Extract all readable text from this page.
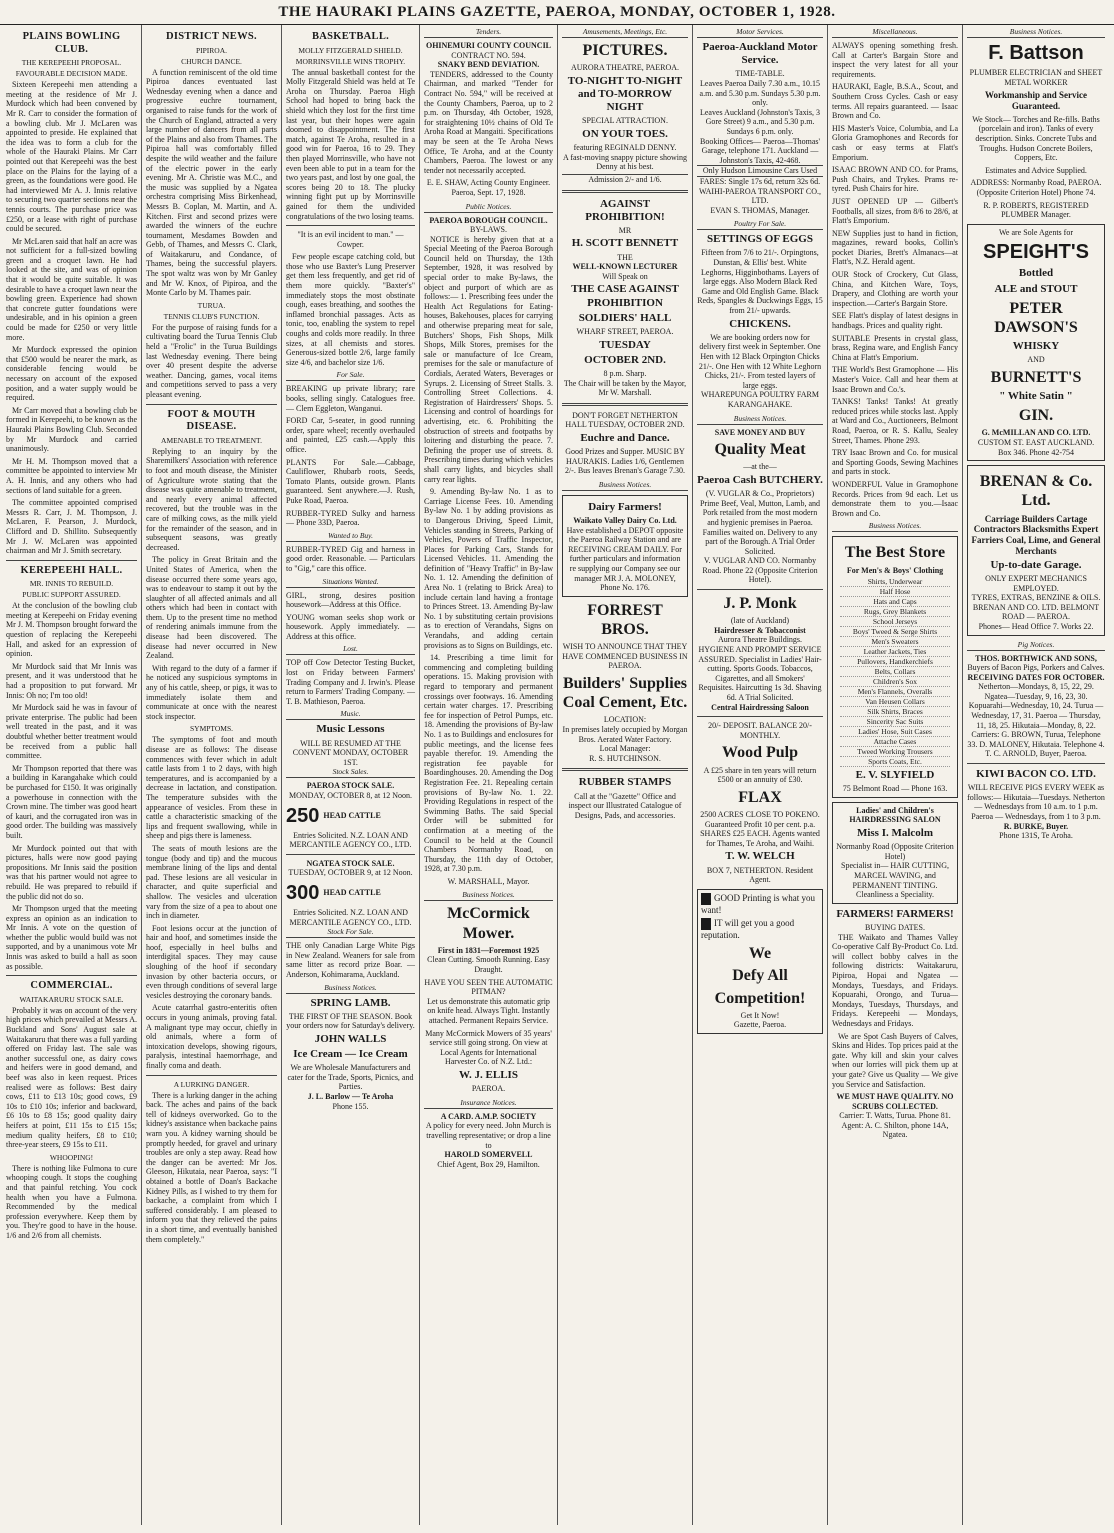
THE HAURAKI PLAINS GAZETTE, PAEROA, MONDAY, OCTOBER 1, 1928.
PLAINS BOWLING CLUB.
THE KEREPEEHI PROPOSAL.
FAVOURABLE DECISION MADE.

Sixteen Kerepeehi men attending a meeting at the residence of Mr J. Murdock which had been convened by Mr R. Carr to consider the formation of a bowling club. Mr J. McLaren was appointed to preside. He explained that the idea was to form a club for the whole of the Hauraki Plains. Mr Carr pointed out that Kerepeehi was the best place on the Plains for the laying of a green, as the foundations were good. He had interviewed Mr A. J. Innis relative to securing two quarter sections near the tennis courts. The purchase price was £250, or a lease with right of purchase could be secured.

Mr McLaren said that half an acre was not sufficient for a full-sized bowling green and a croquet lawn. He had looked at the site, and was of opinion that it would be quite suitable. It was desirable to have a croquet lawn near the bowling green. Experience had shown that concrete gutter foundations were undesirable, and in his opinion a green could be made for £250 or very little more.

Mr Murdock expressed the opinion that £500 would be nearer the mark, as considerable fencing would be necessary on account of the exposed position, and a water supply would be required.

Mr Carr moved that a bowling club be formed in Kerepeehi, to be known as the Hauraki Plains Bowling Club. Seconded by Mr Murdock and carried unanimously.

Mr H. M. Thompson moved that a committee be appointed to interview Mr A. H. Innis, and any others who had sections of land suitable for a green.

The committee appointed comprised Messrs R. Carr, J. M. Thompson, J. McLaren, F. Pearson, J. Murdock, Clifford and D. Shillito. Subsequently Mr J. W. McLaren was appointed chairman and Mr J. Smith secretary.

KEREPEEHI HALL.
MR. INNIS TO REBUILD.
PUBLIC SUPPORT ASSURED.

At the conclusion of the bowling club meeting at Kerepeehi on Friday evening Mr J. M. Thompson brought forward the question of replacing the Kerepeehi Hall, and asked for an expression of opinion.

Mr Murdock said that Mr Innis was present, and it was understood that he had a proposition to put forward. Mr Innis: Oh no; I'm too old!

Mr Murdock said he was in favour of private enterprise. The public had been well treated in the past, and it was doubtful whether better treatment would be received from a public hall committee.

Mr Thompson reported that there was a building in Karangahake which could be purchased for £150. It was originally a powerhouse in connection with the Crown mine. The timber was good heart of kauri, and the corrugated iron was in good order. The building was massively built.

Mr Murdock pointed out that with pictures, halls were now good paying propositions. Mr Innis said the position was that his partner would not agree to rebuild. He was prepared to rebuild if the public did not do so.

Mr Thompson urged that the meeting express an opinion as an indication to Mr Innis. A vote on the question of whether the public would build was not supported, and by a unanimous vote Mr Innis was asked to build a hall as soon as possible.

COMMERCIAL.
WAITAKARURU STOCK SALE.

Probably it was on account of the very high prices which prevailed at Messrs A. Buckland and Sons' August sale at Waitakaruru that there was a full yarding offered on Friday last. The sale was another successful one, as dairy cows and heifers were in good demand, and beef was also in keen request. Prices realised were as follows: Best dairy cows, £11 to £13 10s; good cows, £9 10s to £10 10s; inferior and backward, £6 10s to £8 15s; good quality dairy heifers at point, £11 15s to £15 15s; medium quality heifers, £8 to £10; three-year steers, £9 15s to £11.

WHOOPING!

There is nothing like Fulmona to cure whooping cough. It stops the coughing and that painful retching. You cock health when you have a Fulmona. Recommended by the medical profession everywhere. Keep them by you. They're good to have in the house. 1/6 and 2/6 from all chemists.

DISTRICT NEWS.
PIPIROA.
CHURCH DANCE.

A function reminiscent of the old time Pipiroa dances eventuated last Wednesday evening when a dance and progressive euchre tournament, organised to raise funds for the work of the Church of England, attracted a very large number of dancers from all parts of the Plains and also from Thames. The Pipiroa hall was comfortably filled despite the wild weather and the failure of the electric power in the early evening. Mr A. Christie was M.C., and the music was supplied by a Ngatea orchestra comprising Miss Birkenhead, Messrs B. Coplan, M. Martin, and A. Kitchen. First and second prizes were awarded the winners of the euchre tournament, Mesdames Bowden and Gebb, of Thames, and Messrs C. Clark, of Waitakaruru, and Condance, of Thames, being the successful players. The spot waltz was won by Mr Ganley and Mr W. Knox, of Pipiroa, and the Monte Carlo by M. Thames pair.

TURUA.
TENNIS CLUB'S FUNCTION.

For the purpose of raising funds for a cultivating board the Turua Tennis Club held a "Frolic" in the Turua Buildings last Wednesday evening. There being over 40 present despite the adverse weather. Dancing, games, vocal items and competitions served to pass a very pleasant evening.

FOOT & MOUTH DISEASE.
AMENABLE TO TREATMENT.

Replying to an inquiry by the Sharemilkers' Association with reference to foot and mouth disease, the Minister of Agriculture wrote stating that the disease was quite amenable to treatment, and nearly every animal affected recovered, but the trouble was in the care of milking cows, as the milk yield for the remainder of the season, and in subsequent seasons, was greatly decreased.

The policy in Great Britain and the United States of America, when the disease occurred there some years ago, was to endeavour to stamp it out by the slaughter of all affected animals and all others which had been in contact with them. Up to the present time no method of rendering animals immune from the disease had been discovered. The disease had never occurred in New Zealand.

With regard to the duty of a farmer if he noticed any suspicious symptoms in any of his cattle, sheep, or pigs, it was to immediately isolate them and communicate at once with the nearest stock inspector.

SYMPTOMS.

The symptoms of foot and mouth disease are as follows: The disease commences with fever which in adult cattle lasts from 1 to 2 days, with high temperatures, and is accompanied by a decrease in lactation, and constipation. The temperature subsides with the appearance of vesicles. From these in cattle a characteristic smacking of the lips and frequent swallowing, while in sheep and pigs there is lameness.

The seats of mouth lesions are the tongue (body and tip) and the mucous membrane lining of the lips and dental pad. These lesions are all vesicular in character, and quite superficial and shallow. The vesicles and ulceration vary from the size of a pea to about one inch in diameter.

Foot lesions occur at the junction of hair and hoof, and sometimes inside the hoof, especially in heel bulbs and interdigital spaces. They may cause sloughing of the hoof if secondary invasion by other bacteria occurs, or even through conditions of several large vesicles destroying the coronary bands.

Acute catarrhal gastro-enteritis often occurs in young animals, proving fatal. A malignant type may occur, chiefly in old animals, where a form of intoxication develops, showing rigours, paralysis, intestinal haemorrhage, and finally coma and death.

A LURKING DANGER.

There is a lurking danger in the aching back. The aches and pains of the back tell of kidneys overworked. Go to the kidney's assistance when backache pains warn you. A kidney warning should be promptly heeded, for gravel and urinary troubles are only a step away. Read how the danger can be averted: Mr Jos. Gleeson, Hikutaia, near Paeroa, says: "I obtained a bottle of Doan's Backache Kidney Pills, as I wished to try them for backache, a complaint from which I suffered considerably. I am pleased to inform you that they relieved the pains in a short time, and eventually banished them completely."

BASKETBALL.
MOLLY FITZGERALD SHIELD.
MORRINSVILLE WINS TROPHY.

The annual basketball contest for the Molly Fitzgerald Shield was held at Te Aroha on Thursday. Paeroa High School had hoped to bring back the shield which they lost for the first time last year, but their hopes were again doomed to disappointment. The first match, against Te Aroha, resulted in a good win for Paeroa, 16 to 29. They then played Morrinsville, who have not even been able to put in a team for the two years past, and lost by one goal, the scores being 20 to 18. The plucky winning fight put up by Morrinsville gained for them the undivided congratulations of the two losing teams.

"It is an evil incident to man." —Cowper.

Few people escape catching cold, but those who use Baxter's Lung Preserver get them less frequently, and get rid of them more quickly. "Baxter's" immediately stops the most obstinate cough, eases breathing, and soothes the inflamed bronchial passages. Acts as tonic, too, enabling the system to repel coughs and colds more readily. In three sizes, at all chemists and stores. Generous-sized bottle 2/6, large family size 4/6, and bachelor size 1/6.

For Sale.

BREAKING up private library; rare books, selling singly. Catalogues free. — Clem Eggleton, Wanganui.

FORD Car, 5-seater, in good running order, spare wheel; recently overhauled and painted, £25 cash.—Apply this office.

PLANTS For Sale.—Cabbage, Cauliflower, Rhubarb roots, Seeds, Tomato Plants, outside grown. Plants guaranteed. Sent anywhere.—J. Rush, Puke Road, Paeroa.

RUBBER-TYRED Sulky and harness — Phone 33D, Paeroa.

Wanted to Buy.

RUBBER-TYRED Gig and harness in good order. Reasonable. — Particulars to "Gig," care this office.

Situations Wanted.

GIRL, strong, desires position housework—Address at this Office.

YOUNG woman seeks shop work or housework. Apply immediately. — Address at this office.

Lost.

TOP off Cow Detector Testing Bucket, lost on Friday between Farmers' Trading Company and J. Irwin's. Please return to Farmers' Trading Company. — T. B. Mathieson, Paeroa.

Music.
Music Lessons
WILL BE RESUMED AT THE CONVENT MONDAY, OCTOBER 1ST.
Stock Sales.
PAEROA STOCK SALE.
MONDAY, OCTOBER 8, at 12 Noon.
250 HEAD CATTLE
Entries Solicited. N.Z. LOAN AND MERCANTILE AGENCY CO., LTD.
NGATEA STOCK SALE.
TUESDAY, OCTOBER 9, at 12 Noon.
300 HEAD CATTLE
Entries Solicited. N.Z. LOAN AND MERCANTILE AGENCY CO., LTD.
Stock For Sale.

THE only Canadian Large White Pigs in New Zealand. Weaners for sale from same litter as record prize Boar. — Anderson, Kohimarama, Auckland.

Business Notices.
SPRING LAMB.
THE FIRST OF THE SEASON. Book your orders now for Saturday's delivery.
JOHN WALLS
Ice Cream — Ice Cream
We are Wholesale Manufacturers and cater for the Trade, Sports, Picnics, and Parties.
J. L. Barlow — Te Aroha
Phone 155.
Tenders.
OHINEMURI COUNTY COUNCIL
CONTRACT NO. 594.
SNAKY BEND DEVIATION.

TENDERS, addressed to the County Chairman, and marked "Tender for Contract No. 594," will be received at the County Chambers, Paeroa, up to 2 p.m. on Thursday, 4th October, 1928, for straightening 10½ chains of Old Te Aroha Road at Mangaiti. Specifications may be seen at the Te Aroha News Office, Te Aroha, and at the County Chambers, Paeroa. The lowest or any tender not necessarily accepted.

E. E. SHAW, Acting County Engineer. Paeroa, Sept. 17, 1928.
Public Notices.
PAEROA BOROUGH COUNCIL.
BY-LAWS.

NOTICE is hereby given that at a Special Meeting of the Paeroa Borough Council held on Thursday, the 13th September, 1928, it was resolved by special order to make By-laws, the object and purport of which are as follows:— 1. Prescribing fees under the Health Act Regulations for Eating-houses, Bakehouses, places for carrying and otherwise preparing meat for sale, Butchers' Shops, Fish Shops, Milk Shops, Milk Stores, premises for the sale or manufacture of Ice Cream, premises for the sale or manufacture of Cordials, Aerated Waters, Beverages or Syrups. 2. Licensing of Street Stalls. 3. Controlling Street Collections. 4. Registration of Hairdressers' Shops. 5. Licensing and control of hoardings for advertising, etc. 6. Prohibiting the obstruction of streets and footpaths by loitering and disturbing the peace. 7. Defining the proper use of streets. 8. Prescribing times during which vehicles shall carry lights, and bicycles shall carry rear lights.

9. Amending By-law No. 1 as to Carriage License Fees. 10. Amending By-law No. 1 by adding provisions as to Dangerous Driving, Speed Limit, Vehicles standing in Streets, Parking of Vehicles, Powers of Traffic Inspector, Places for Parking Cars, Stands for Licensed Vehicles. 11. Amending the definition of "Heavy Traffic" in By-law No. 1. 12. Amending the definition of Area No. 1 (relating to Brick Area) to include certain land having a frontage to Princes Street. 13. Amending By-law No. 1 by substituting certain provisions as to erection of Verandahs, Signs on Verandahs, and adding certain provisions as to Signs on Buildings, etc.

14. Prescribing a time limit for commencing and completing building operations. 15. Making provision with regard to temporary and permanent crossings over footways. 16. Amending certain water charges. 17. Prescribing fee for inspection of Petrol Pumps, etc. 18. Amending the provisions of By-law No. 1 as to Buildings and enclosures for public meetings, and the license fees payable therefor. 19. Amending the registration fee payable for Boardinghouses. 20. Amending the Dog Registration Fee. 21. Repealing certain provisions of By-law No. 1. 22. Providing Regulations in respect of the Swimming Baths. The said Special Order will be submitted for confirmation at a meeting of the Council to be held at the Council Chambers Normanby Road, on Thursday, the 11th day of October, 1928, at 7.30 p.m.

W. MARSHALL, Mayor.
Business Notices.
McCormick Mower.
First in 1831—Foremost 1925
Clean Cutting. Smooth Running. Easy Draught.
HAVE YOU SEEN THE AUTOMATIC PITMAN?
Let us demonstrate this automatic grip on knife head. Always Tight. Instantly attached. Permanent Repairs Service.
Many McCormick Mowers of 35 years' service still going strong. On view at Local Agents for International Harvester Co. of N.Z. Ltd.:
W. J. ELLIS
PAEROA.
Insurance Notices.
A CARD. A.M.P. SOCIETY
A policy for every need. John Murch is travelling representative; or drop a line to
HAROLD SOMERVELL
Chief Agent, Box 29, Hamilton.
Amusements, Meetings, Etc.
PICTURES.
AURORA THEATRE, PAEROA.
TO-NIGHT TO-NIGHT and TO-MORROW NIGHT
SPECIAL ATTRACTION.
ON YOUR TOES.
featuring REGINALD DENNY.
A fast-moving snappy picture showing Denny at his best.
Admission 2/- and 1/6.
AGAINST PROHIBITION!
MR
H. SCOTT BENNETT
THE
WELL-KNOWN LECTURER
Will Speak on
THE CASE AGAINST PROHIBITION
SOLDIERS' HALL
WHARF STREET, PAEROA.
TUESDAY
OCTOBER 2ND.
8 p.m. Sharp.
The Chair will be taken by the Mayor, Mr W. Marshall.
DON'T FORGET NETHERTON HALL TUESDAY, OCTOBER 2ND.
Euchre and Dance.
Good Prizes and Supper. MUSIC BY HAURAKIS. Ladies 1/6, Gentlemen 2/-. Bus leaves Brenan's Garage 7.30.
Business Notices.
Dairy Farmers!
Waikato Valley Dairy Co. Ltd.
Have established a DEPOT opposite the Paeroa Railway Station and are RECEIVING CREAM DAILY. For further particulars and information re supplying our Company see our manager MR J. A. MOLONEY, Phone No. 176.
FORREST BROS.
WISH TO ANNOUNCE THAT THEY HAVE COMMENCED BUSINESS IN PAEROA.
Builders' Supplies Coal Cement, Etc.
LOCATION:
In premises lately occupied by Morgan Bros. Aerated Water Factory.
Local Manager:
R. S. HUTCHINSON.
RUBBER STAMPS
Call at the "Gazette" Office and inspect our Illustrated Catalogue of Designs, Pads, and accessories.
Motor Services.
Paeroa-Auckland Motor Service.
TIME-TABLE.
Leaves Paeroa Daily 7.30 a.m., 10.15 a.m. and 5.30 p.m. Sundays 5.30 p.m. only.
Leaves Auckland (Johnston's Taxis, 3 Gore Street) 9 a.m., and 5.30 p.m. Sundays 6 p.m. only.
Booking Offices— Paeroa—Thomas' Garage, telephone 171. Auckland — Johnston's Taxis, 42-468.
Only Hudson Limousine Cars Used
FARES: Single 17s 6d, return 32s 6d.
WAIHI-PAEROA TRANSPORT CO., LTD.
EVAN S. THOMAS, Manager.
Poultry For Sale.
SETTINGS OF EGGS
Fifteen from 7/6 to 21/-. Orpingtons, Dunstan, & Ellis' best. White Leghorns, Higginbothams. Layers of large eggs. Also Modern Black Red Game and Old English Game. Black Reds, Spangles & Duckwings Eggs, 15 from 21/- upwards.
CHICKENS.
We are booking orders now for delivery first week in September. One Hen with 12 Black Orpington Chicks 21/-. One Hen with 12 White Leghorn Chicks, 21/-. From tested layers of large eggs.
WHAREPUNGA POULTRY FARM KARANGAHAKE.
Business Notices.
SAVE MONEY AND BUY
Quality Meat
—at the—
Paeroa Cash BUTCHERY.
(V. VUGLAR & Co., Proprietors)
Prime Beef, Veal, Mutton, Lamb, and Pork retailed from the most modern and hygienic premises in Paeroa. Families waited on. Delivery to any part of the Borough. A Trial Order Solicited.
V. VUGLAR AND CO. Normanby Road. Phone 22 (Opposite Criterion Hotel).
J. P. Monk
(late of Auckland)
Hairdresser & Tobacconist
Aurora Theatre Buildings.
HYGIENE AND PROMPT SERVICE ASSURED. Specialist in Ladies' Hair-cutting. Sports Goods. Tobaccos, Cigarettes, and all Smokers' Requisites. Haircutting 1s 3d. Shaving 6d. A Trial Solicited.
Central Hairdressing Saloon
20/- DEPOSIT. BALANCE 20/- MONTHLY.
Wood Pulp
A £25 share in ten years will return £500 or an annuity of £30.
FLAX
2500 ACRES CLOSE TO POKENO. Guaranteed Profit 10 per cent. p.a. SHARES £25 EACH. Agents wanted for Thames, Te Aroha, and Waihi.
T. W. WELCH
BOX 7, NETHERTON. Resident Agent.
GOOD Printing is what you want!
IT will get you a good reputation.
We
Defy All
Competition!
Get It Now!
Gazette, Paeroa.
Miscellaneous.

ALWAYS opening something fresh. Call at Carter's Bargain Store and inspect the very latest for all your requirements.

HAURAKI, Eagle, B.S.A., Scout, and Southern Cross Cycles. Cash or easy terms. All repairs guaranteed. — Isaac Brown and Co.

HIS Master's Voice, Columbia, and La Gloria Gramophones and Records for cash or easy terms at Flatt's Emporium.

ISAAC BROWN AND CO. for Prams, Push Chairs, and Trykes. Prams re-tyred. Push Chairs for hire.

JUST OPENED UP — Gilbert's Footballs, all sizes, from 8/6 to 28/6, at Flatt's Emporium.

NEW Supplies just to hand in fiction, magazines, reward books, Collin's pocket Diaries, Brett's Almanacs—at Flatt's, N.Z. Herald agent.

OUR Stock of Crockery, Cut Glass, China, and Kitchen Ware, Toys, Drapery, and Clothing are worth your inspection.—Carter's Bargain Store.

SEE Flatt's display of latest designs in handbags. Prices and quality right.

SUITABLE Presents in crystal glass, brass, Regina ware, and English Fancy China at Flatt's Emporium.

THE World's Best Gramophone — His Master's Voice. Call and hear them at Isaac Brown and Co.'s.

TANKS! Tanks! Tanks! At greatly reduced prices while stocks last. Apply at Ward and Co., Auctioneers, Belmont Road, Paeroa, or R. S. Kallu, Sealey Street, Thames. Phone 293.

TRY Isaac Brown and Co. for musical and Sporting Goods, Sewing Machines and parts in stock.

WONDERFUL Value in Gramophone Records. Prices from 9d each. Let us demonstrate them to you.—Isaac Brown and Co.

Business Notices.
The Best Store
For Men's & Boys' Clothing
Shirts, Underwear
Half Hose
Hats and Caps
Rugs, Grey Blankets
School Jerseys
Boys' Tweed & Serge Shirts
Men's Sweaters
Leather Jackets, Ties
Pullovers, Handkerchiefs
Belts, Collars
Children's Sox
Men's Flannels, Overalls
Van Heusen Collars
Silk Shirts, Braces
Sincerity Sac Suits
Ladies' Hose, Suit Cases
Attache Cases
Tweed Working Trousers
Sports Coats, Etc.
E. V. SLYFIELD
75 Belmont Road — Phone 163.
Ladies' and Children's HAIRDRESSING SALON
Miss I. Malcolm
Normanby Road (Opposite Criterion Hotel)
Specialist in— HAIR CUTTING, MARCEL WAVING, and PERMANENT TINTING. Cleanliness a Speciality.
FARMERS! FARMERS!
BUYING DATES.

THE Waikato and Thames Valley Co-operative Calf By-Product Co. Ltd. will collect bobby calves in the following districts: Waitakaruru, Pipiroa, Hopai and Ngatea — Mondays, Tuesdays, and Fridays. Kopuarahi, Orongo, and Turua—Mondays, Tuesdays, Thursdays, and Fridays. Kerepeehi — Mondays, Wednesdays and Fridays.

We are Spot Cash Buyers of Calves, Skins and Hides. Top prices paid at the gate. Why kill and skin your calves when our lorries will pick them up at your gate? Give us Quality — We give you Service and Satisfaction.

WE MUST HAVE QUALITY. NO SCRUBS COLLECTED.
Carrier: T. Watts, Turua. Phone 81. Agent: A. C. Shilton, phone 14A, Ngatea.
Business Notices.
F. Battson
PLUMBER ELECTRICIAN and SHEET METAL WORKER
Workmanship and Service Guaranteed.
We Stock— Torches and Re-fills. Baths (porcelain and iron). Tanks of every description. Sinks. Concrete Tubs and Troughs. Hudson Concrete Boilers, Coppers, Etc.
Estimates and Advice Supplied.
ADDRESS: Normanby Road, PAEROA. (Opposite Criterion Hotel) Phone 74.
R. P. ROBERTS, REGISTERED PLUMBER Manager.
We are Sole Agents for
SPEIGHT'S
Bottled
ALE and STOUT
PETER DAWSON'S
WHISKY
AND
BURNETT'S
" White Satin "
GIN.
G. McMILLAN AND CO. LTD.
CUSTOM ST. EAST AUCKLAND.
Box 346. Phone 42-754
BRENAN & Co. Ltd.
Carriage Builders Cartage Contractors Blacksmiths Expert Farriers Coal, Lime, and General Merchants
Up-to-date Garage.
ONLY EXPERT MECHANICS EMPLOYED.
TYRES, EXTRAS, BENZINE & OILS.
BRENAN AND CO. LTD. BELMONT ROAD — PAEROA.
Phones— Head Office 7. Works 22.
Pig Notices.
THOS. BORTHWICK AND SONS,
Buyers of Bacon Pigs, Porkers and Calves.
RECEIVING DATES FOR OCTOBER.
Netherton—Mondays, 8, 15, 22, 29. Ngatea—Tuesday, 9, 16, 23, 30. Kopuarahi—Wednesday, 10, 24. Turua — Wednesday, 17, 31. Paeroa — Thursday, 11, 18, 25. Hikutaia—Monday, 8, 22.
Carriers: G. BROWN, Turua, Telephone 33. D. MALONEY, Hikutaia. Telephone 4.
T. C. ARNOLD, Buyer, Paeroa.
KIWI BACON CO. LTD.
WILL RECEIVE PIGS EVERY WEEK as follows:— Hikutaia—Tuesdays. Netherton — Wednesdays from 10 a.m. to 1 p.m. Paeroa — Wednesdays, from 1 to 3 p.m.
R. BURKE, Buyer.
Phone 131S, Te Aroha.
